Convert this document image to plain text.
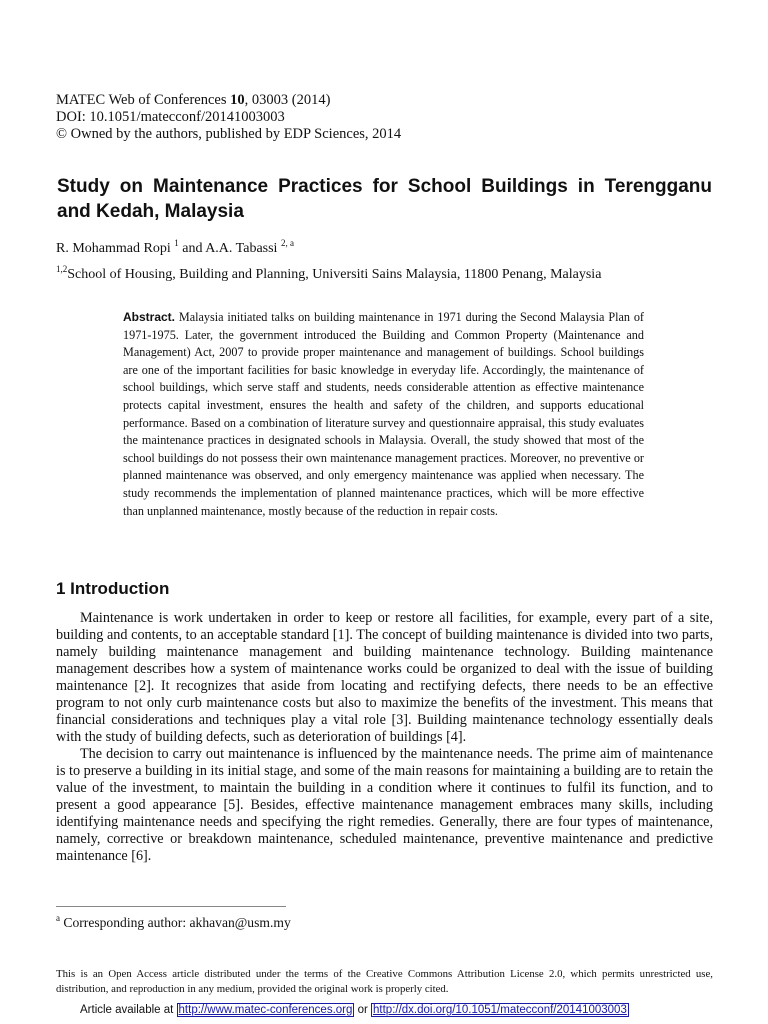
MATEC Web of Conferences 10, 03003 (2014)
DOI: 10.1051/matecconf/20141003003
© Owned by the authors, published by EDP Sciences, 2014
Study on Maintenance Practices for School Buildings in Terengganu and Kedah, Malaysia
R. Mohammad Ropi $^1$ and A.A. Tabassi $^{2, a}$
$^{1,2}$School of Housing, Building and Planning, Universiti Sains Malaysia, 11800 Penang, Malaysia
Abstract. Malaysia initiated talks on building maintenance in 1971 during the Second Malaysia Plan of 1971-1975. Later, the government introduced the Building and Common Property (Maintenance and Management) Act, 2007 to provide proper maintenance and management of buildings. School buildings are one of the important facilities for basic knowledge in everyday life. Accordingly, the maintenance of school buildings, which serve staff and students, needs considerable attention as effective maintenance protects capital investment, ensures the health and safety of the children, and supports educational performance. Based on a combination of literature survey and questionnaire appraisal, this study evaluates the maintenance practices in designated schools in Malaysia. Overall, the study showed that most of the school buildings do not possess their own maintenance management practices. Moreover, no preventive or planned maintenance was observed, and only emergency maintenance was applied when necessary. The study recommends the implementation of planned maintenance practices, which will be more effective than unplanned maintenance, mostly because of the reduction in repair costs.
1 Introduction

Maintenance is work undertaken in order to keep or restore all facilities, for example, every part of a site, building and contents, to an acceptable standard [1]. The concept of building maintenance is divided into two parts, namely building maintenance management and building maintenance technology. Building maintenance management describes how a system of maintenance works could be organized to deal with the issue of building maintenance [2]. It recognizes that aside from locating and rectifying defects, there needs to be an effective program to not only curb maintenance costs but also to maximize the benefits of the investment. This means that financial considerations and techniques play a vital role [3]. Building maintenance technology essentially deals with the study of building defects, such as deterioration of buildings [4].

The decision to carry out maintenance is influenced by the maintenance needs. The prime aim of maintenance is to preserve a building in its initial stage, and some of the main reasons for maintaining a building are to retain the value of the investment, to maintain the building in a condition where it continues to fulfil its function, and to present a good appearance [5]. Besides, effective maintenance management embraces many skills, including identifying maintenance needs and specifying the right remedies. Generally, there are four types of maintenance, namely, corrective or breakdown maintenance, scheduled maintenance, preventive maintenance and predictive maintenance [6].

$^a$ Corresponding author: akhavan@usm.my
This is an Open Access article distributed under the terms of the Creative Commons Attribution License 2.0, which permits unrestricted use, distribution, and reproduction in any medium, provided the original work is properly cited.
Article available at http://www.matec-conferences.org or http://dx.doi.org/10.1051/matecconf/20141003003
